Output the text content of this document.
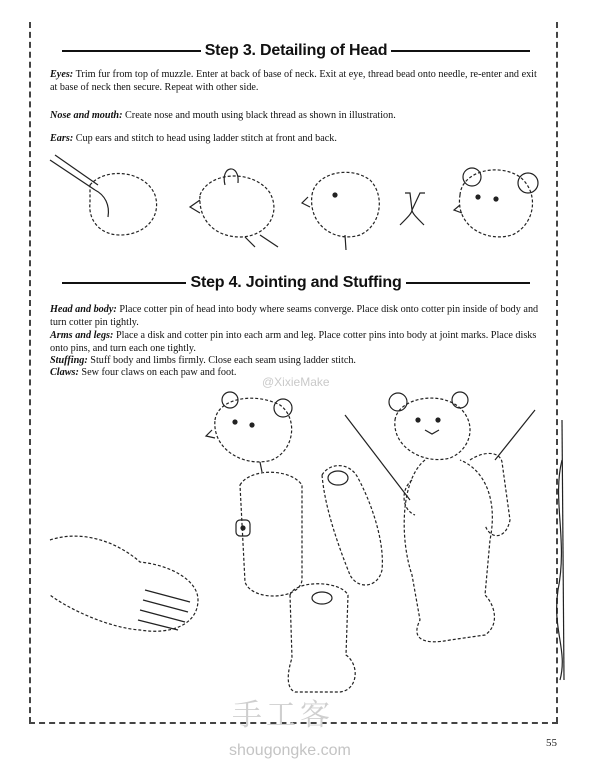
Step 3. Detailing of Head

Eyes: Trim fur from top of muzzle. Enter at back of base of neck. Exit at eye, thread bead onto needle, re-enter and exit at base of neck then secure. Repeat with other side.

Nose and mouth: Create nose and mouth using black thread as shown in illustration.

Ears: Cup ears and stitch to head using ladder stitch at front and back.

Step 4. Jointing and Stuffing

Head and body: Place cotter pin of head into body where seams converge. Place disk onto cotter pin inside of body and turn cotter pin tightly.

Arms and legs: Place a disk and cotter pin into each arm and leg. Place cotter pins into body at joint marks. Place disks onto pins, and turn each one tightly.

Stuffing: Stuff body and limbs firmly. Close each seam using ladder stitch.

Claws: Sew four claws on each paw and foot.

@XixieMake
手工客
shougongke.com	55
